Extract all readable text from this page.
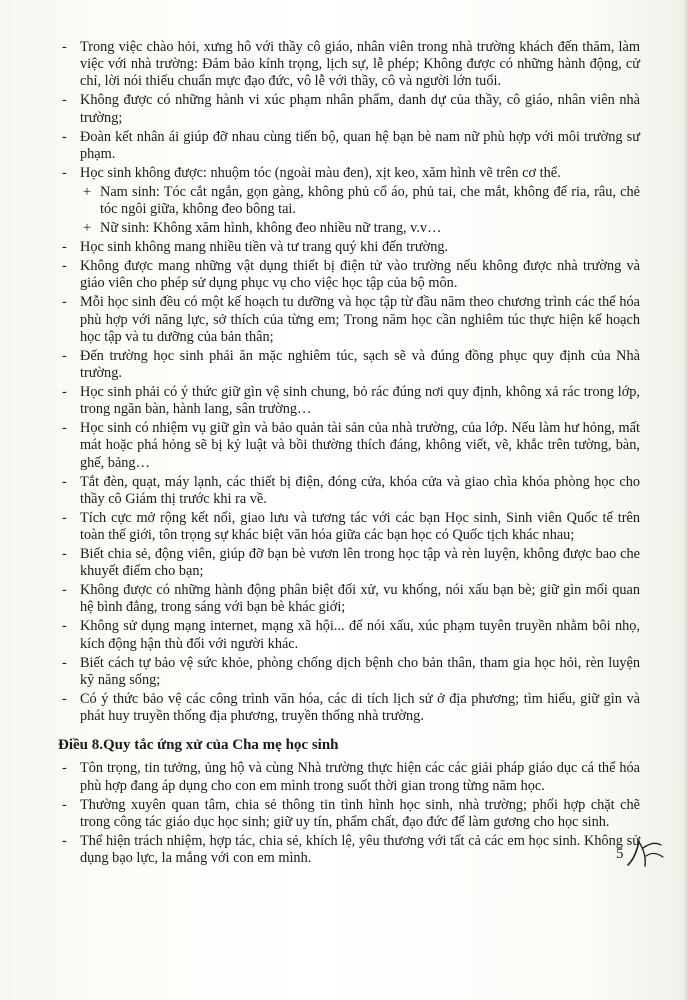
- Trong việc chào hỏi, xưng hô với thầy cô giáo, nhân viên trong nhà trường khách đến thăm, làm việc với nhà trường: Đảm bảo kính trọng, lịch sự, lễ phép; Không được có những hành động, cử chỉ, lời nói thiếu chuẩn mực đạo đức, vô lễ với thầy, cô và người lớn tuổi.
- Không được có những hành vi xúc phạm nhân phẩm, danh dự của thầy, cô giáo, nhân viên nhà trường;
- Đoàn kết nhân ái giúp đỡ nhau cùng tiến bộ, quan hệ bạn bè nam nữ phù hợp với môi trường sư phạm.
- Học sinh không được: nhuộm tóc (ngoài màu đen), xịt keo, xăm hình vẽ trên cơ thể.
+ Nam sinh: Tóc cắt ngắn, gọn gàng, không phủ cổ áo, phủ tai, che mắt, không để ria, râu, chẻ tóc ngôi giữa, không đeo bông tai.
+ Nữ sinh: Không xăm hình, không đeo nhiều nữ trang, v.v…
- Học sinh không mang nhiều tiền và tư trang quý khi đến trường.
- Không được mang những vật dụng thiết bị điện tử vào trường nếu không được nhà trường và giáo viên cho phép sử dụng phục vụ cho việc học tập của bộ môn.
- Mỗi học sinh đều có một kế hoạch tu dưỡng và học tập từ đầu năm theo chương trình các thể hóa phù hợp với năng lực, sở thích của từng em; Trong năm học cần nghiêm túc thực hiện kế hoạch học tập và tu dưỡng của bản thân;
- Đến trường học sinh phải ăn mặc nghiêm túc, sạch sẽ và đúng đồng phục quy định của Nhà trường.
- Học sinh phải có ý thức giữ gìn vệ sinh chung, bỏ rác đúng nơi quy định, không xả rác trong lớp, trong ngăn bàn, hành lang, sân trường…
- Học sinh có nhiệm vụ giữ gìn và bảo quản tài sản của nhà trường, của lớp. Nếu làm hư hỏng, mất mát hoặc phá hỏng sẽ bị kỷ luật và bồi thường thích đáng, không viết, vẽ, khắc trên tường, bàn, ghế, bảng…
- Tắt đèn, quạt, máy lạnh, các thiết bị điện, đóng cửa, khóa cửa và giao chìa khóa phòng học cho thầy cô Giám thị trước khi ra về.
- Tích cực mở rộng kết nối, giao lưu và tương tác với các bạn Học sinh, Sinh viên Quốc tế trên toàn thế giới, tôn trọng sự khác biệt văn hóa giữa các bạn học có Quốc tịch khác nhau;
- Biết chia sẻ, động viên, giúp đỡ bạn bè vươn lên trong học tập và rèn luyện, không được bao che khuyết điểm cho bạn;
- Không được có những hành động phân biệt đối xử, vu khống, nói xấu bạn bè; giữ gìn mối quan hệ bình đẳng, trong sáng với bạn bè khác giới;
- Không sử dụng mạng internet, mạng xã hội... để nói xấu, xúc phạm tuyên truyền nhằm bôi nhọ, kích động hận thù đối với người khác.
- Biết cách tự bảo vệ sức khỏe, phòng chống dịch bệnh cho bản thân, tham gia học hỏi, rèn luyện kỹ năng sống;
- Có ý thức bảo vệ các công trình văn hóa, các di tích lịch sử ở địa phương; tìm hiểu, giữ gìn và phát huy truyền thống địa phương, truyền thống nhà trường.
Điều 8.Quy tắc ứng xử của Cha mẹ học sinh
- Tôn trọng, tin tưởng, ủng hộ và cùng Nhà trường thực hiện các các giải pháp giáo dục cá thể hóa phù hợp đang áp dụng cho con em mình trong suốt thời gian trong từng năm học.
- Thường xuyên quan tâm, chia sẻ thông tin tình hình học sinh, nhà trường; phối hợp chặt chẽ trong công tác giáo dục học sinh; giữ uy tín, phẩm chất, đạo đức để làm gương cho học sinh.
- Thể hiện trách nhiệm, hợp tác, chia sẻ, khích lệ, yêu thương với tất cả các em học sinh. Không sử dụng bạo lực, la mắng với con em mình.	5
